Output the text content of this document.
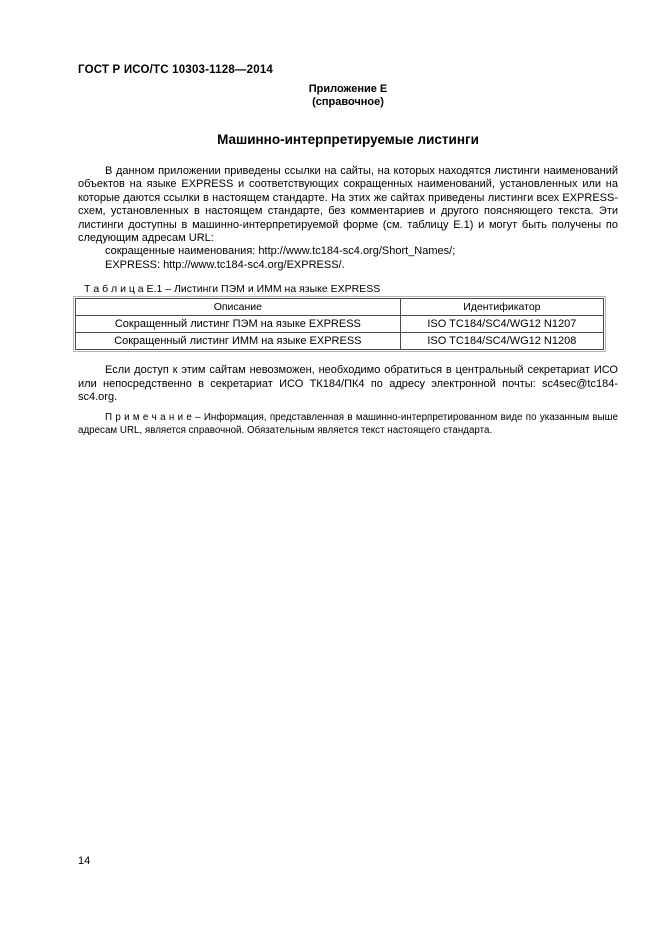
ГОСТ Р ИСО/ТС 10303-1128—2014
Приложение Е
(справочное)
Машинно-интерпретируемые листинги

В данном приложении приведены ссылки на сайты, на которых находятся листинги наименований объектов на языке EXPRESS и соответствующих сокращенных наименований, установленных или на которые даются ссылки в настоящем стандарте. На этих же сайтах приведены листинги всех EXPRESS-схем, установленных в настоящем стандарте, без комментариев и другого поясняющего текста. Эти листинги доступны в машинно-интерпретируемой форме (см. таблицу Е.1) и могут быть получены по следующим адресам URL:

сокращенные наименования: http://www.tc184-sc4.org/Short_Names/;
EXPRESS: http://www.tc184-sc4.org/EXPRESS/.
Т а б л и ц а Е.1 – Листинги ПЭМ и ИММ на языке EXPRESS
Описание	Идентификатор
Сокращенный листинг ПЭМ на языке EXPRESS	ISO TC184/SC4/WG12 N1207
Сокращенный листинг ИММ на языке EXPRESS	ISO TC184/SC4/WG12 N1208

Если доступ к этим сайтам невозможен, необходимо обратиться в центральный секретариат ИСО или непосредственно в секретариат ИСО ТК184/ПК4 по адресу электронной почты: sc4sec@tc184-sc4.org.

П р и м е ч а н и е – Информация, представленная в машинно-интерпретированном виде по указанным выше адресам URL, является справочной. Обязательным является текст настоящего стандарта.

14
